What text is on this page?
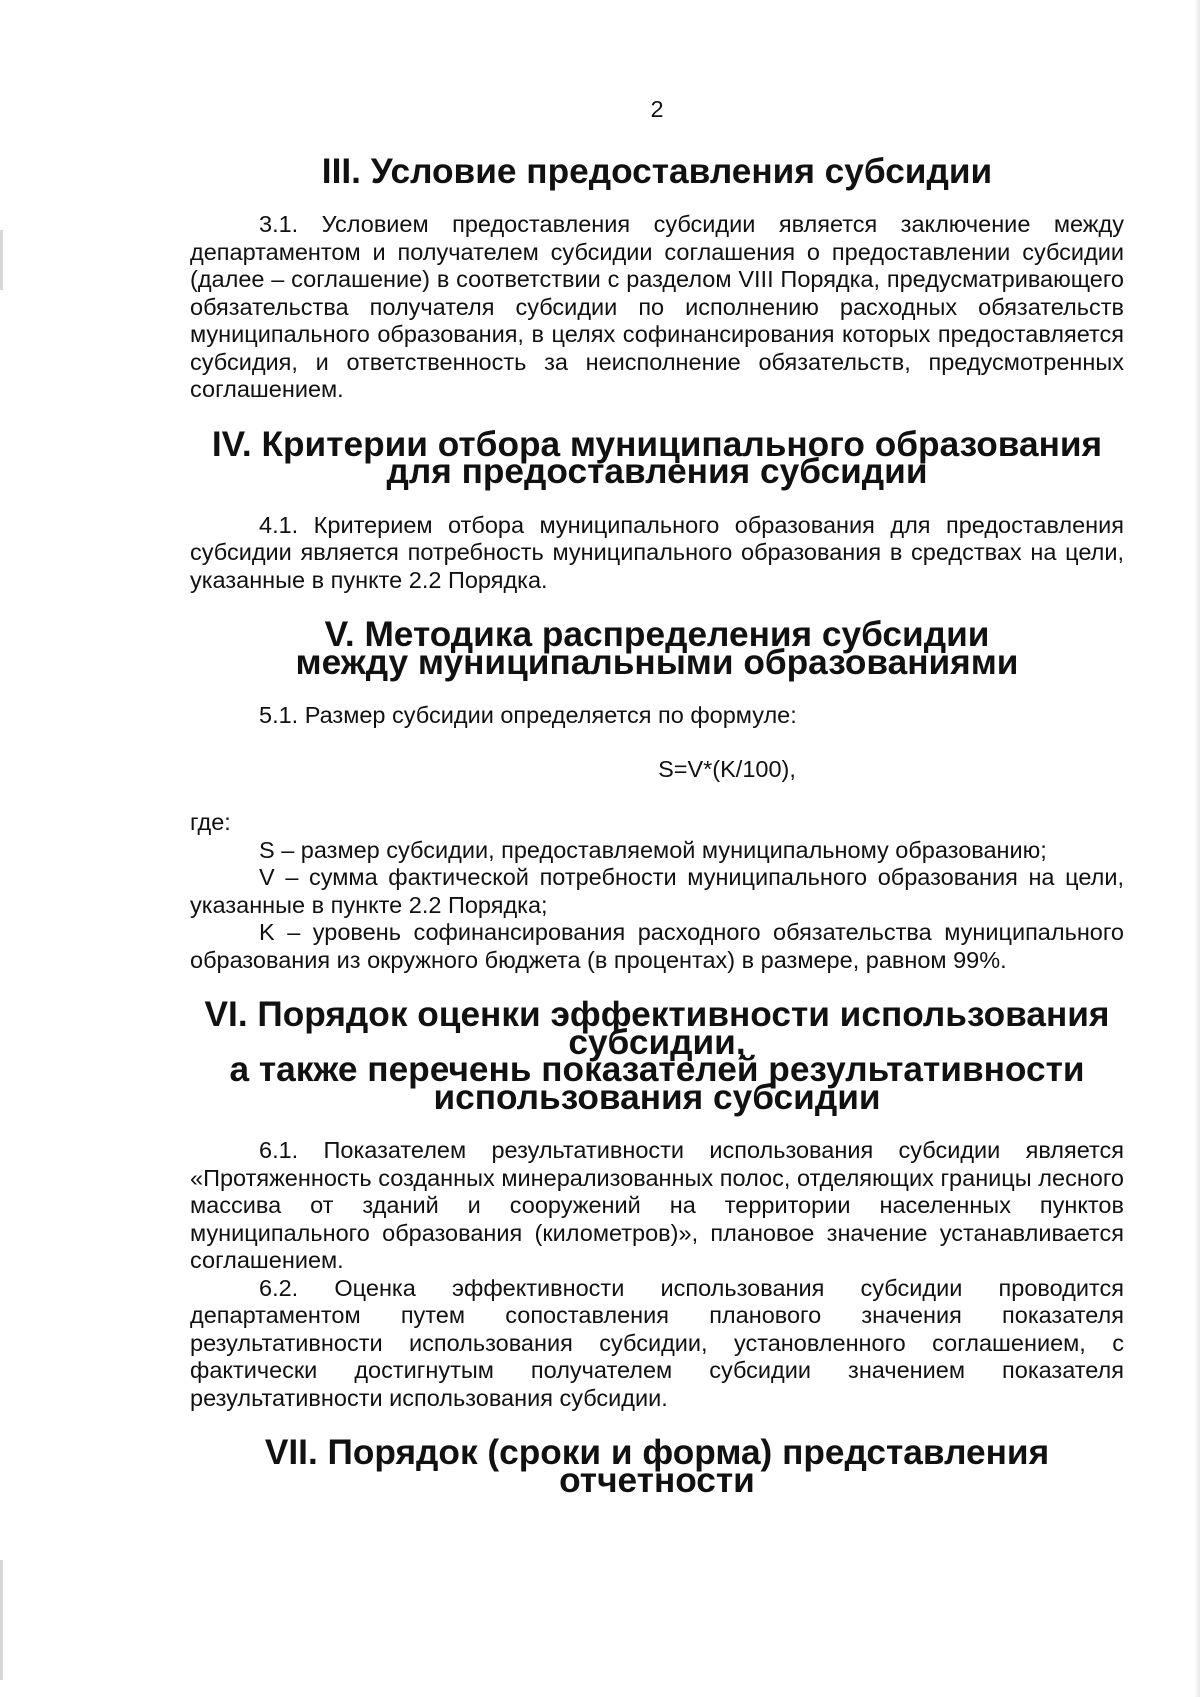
2

III. Условие предоставления субсидии

3.1. Условием предоставления субсидии является заключение между департаментом и получателем субсидии соглашения о предоставлении субсидии (далее – соглашение) в соответствии с разделом VIII Порядка, предусматривающего обязательства получателя субсидии по исполнению расходных обязательств муниципального образования, в целях софинансирования которых предоставляется субсидия, и ответственность за неисполнение обязательств, предусмотренных соглашением.

IV. Критерии отбора муниципального образования
для предоставления субсидии

4.1. Критерием отбора муниципального образования для предоставления субсидии является потребность муниципального образования в средствах на цели, указанные в пункте 2.2 Порядка.

V. Методика распределения субсидии
между муниципальными образованиями

5.1. Размер субсидии определяется по формуле:

S=V*(K/100),

где:

S – размер субсидии, предоставляемой муниципальному образованию;

V – сумма фактической потребности муниципального образования на цели, указанные в пункте 2.2 Порядка;

K – уровень софинансирования расходного обязательства муниципального образования из окружного бюджета (в процентах) в размере, равном 99%.

VI. Порядок оценки эффективности использования субсидии,
а также перечень показателей результативности
использования субсидии

6.1. Показателем результативности использования субсидии является «Протяженность созданных минерализованных полос, отделяющих границы лесного массива от зданий и сооружений на территории населенных пунктов муниципального образования (километров)», плановое значение устанавливается соглашением.

6.2. Оценка эффективности использования субсидии проводится департаментом путем сопоставления планового значения показателя результативности использования субсидии, установленного соглашением, с фактически достигнутым получателем субсидии значением показателя результативности использования субсидии.

VII. Порядок (сроки и форма) представления отчетности
